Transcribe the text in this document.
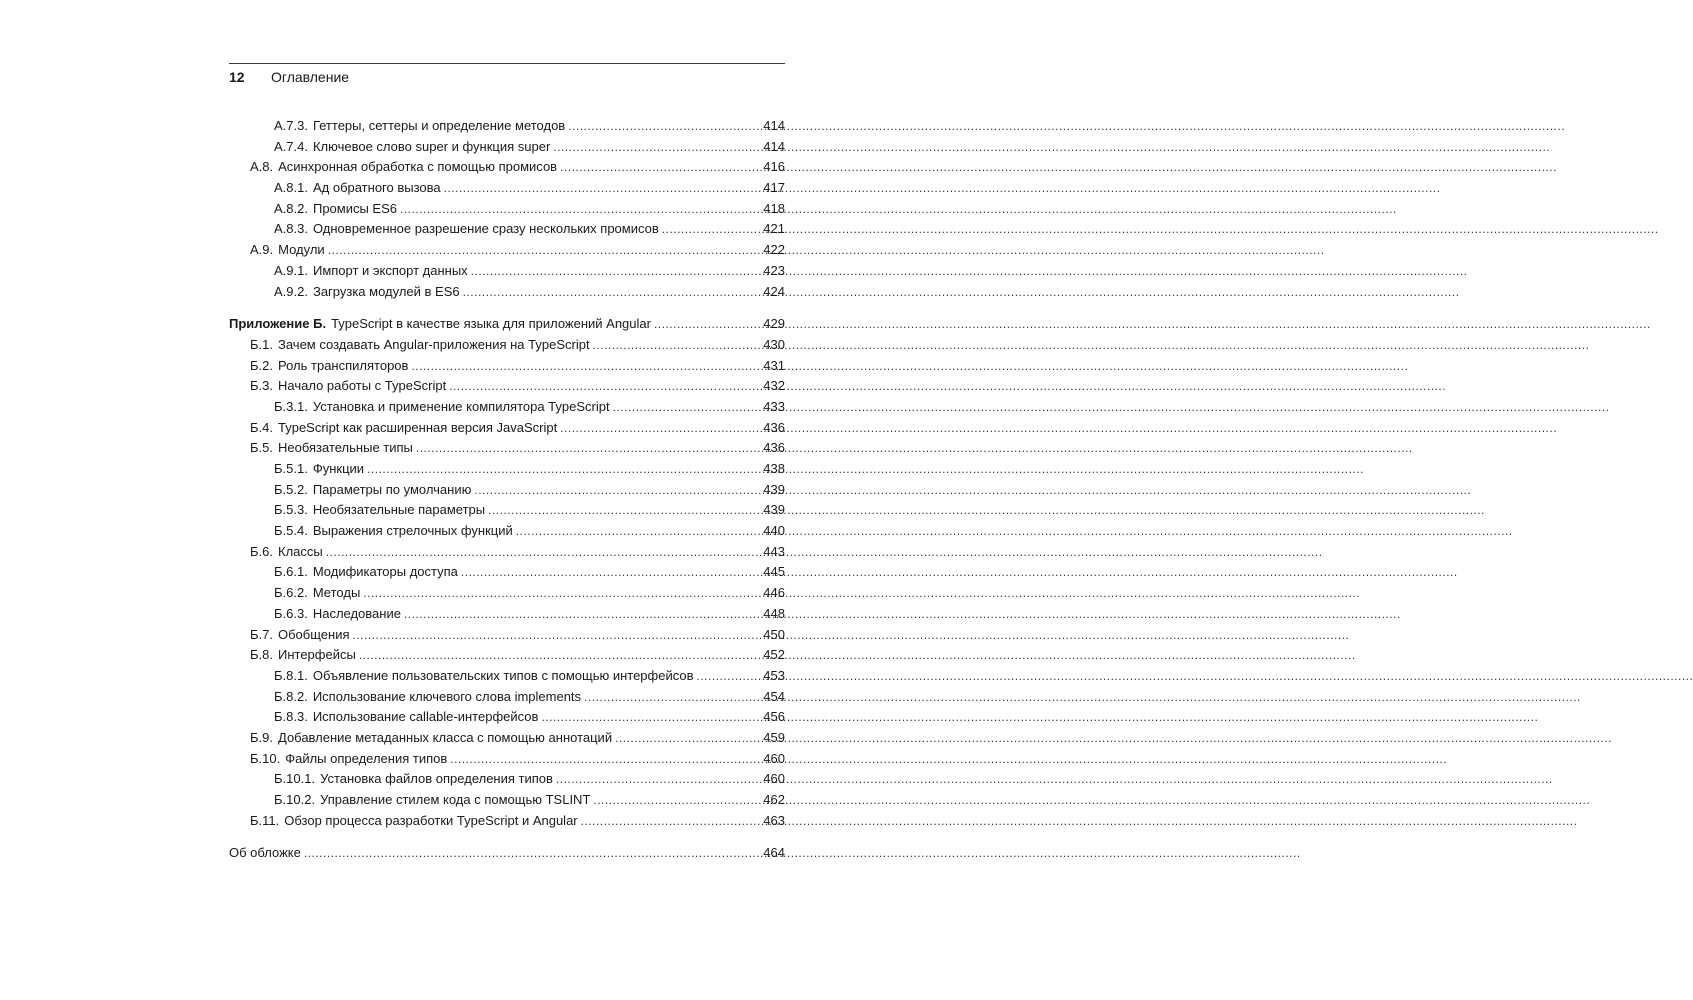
12 Оглавление
А.7.3. Геттеры, сеттеры и определение методов .....	414
А.7.4. Ключевое слово super и функция super .....	414
А.8. Асинхронная обработка с помощью промисов .....	416
А.8.1. Ад обратного вызова .....	417
А.8.2. Промисы ES6 .....	418
А.8.3. Одновременное разрешение сразу нескольких промисов .....	421
А.9. Модули .....	422
А.9.1. Импорт и экспорт данных .....	423
А.9.2. Загрузка модулей в ES6 .....	424
Приложение Б. TypeScript в качестве языка для приложений Angular .....	429
Б.1. Зачем создавать Angular-приложения на TypeScript .....	430
Б.2. Роль транспиляторов .....	431
Б.3. Начало работы с TypeScript .....	432
Б.3.1. Установка и применение компилятора TypeScript .....	433
Б.4. TypeScript как расширенная версия JavaScript .....	436
Б.5. Необязательные типы .....	436
Б.5.1. Функции .....	438
Б.5.2. Параметры по умолчанию .....	439
Б.5.3. Необязательные параметры .....	439
Б.5.4. Выражения стрелочных функций .....	440
Б.6. Классы .....	443
Б.6.1. Модификаторы доступа .....	445
Б.6.2. Методы .....	446
Б.6.3. Наследование .....	448
Б.7. Обобщения .....	450
Б.8. Интерфейсы .....	452
Б.8.1. Объявление пользовательских типов с помощью интерфейсов .....	453
Б.8.2. Использование ключевого слова implements .....	454
Б.8.3. Использование callable-интерфейсов .....	456
Б.9. Добавление метаданных класса с помощью аннотаций .....	459
Б.10. Файлы определения типов .....	460
Б.10.1. Установка файлов определения типов .....	460
Б.10.2. Управление стилем кода с помощью TSLINT .....	462
Б.11. Обзор процесса разработки TypeScript и Angular .....	463
Об обложке .....	464
